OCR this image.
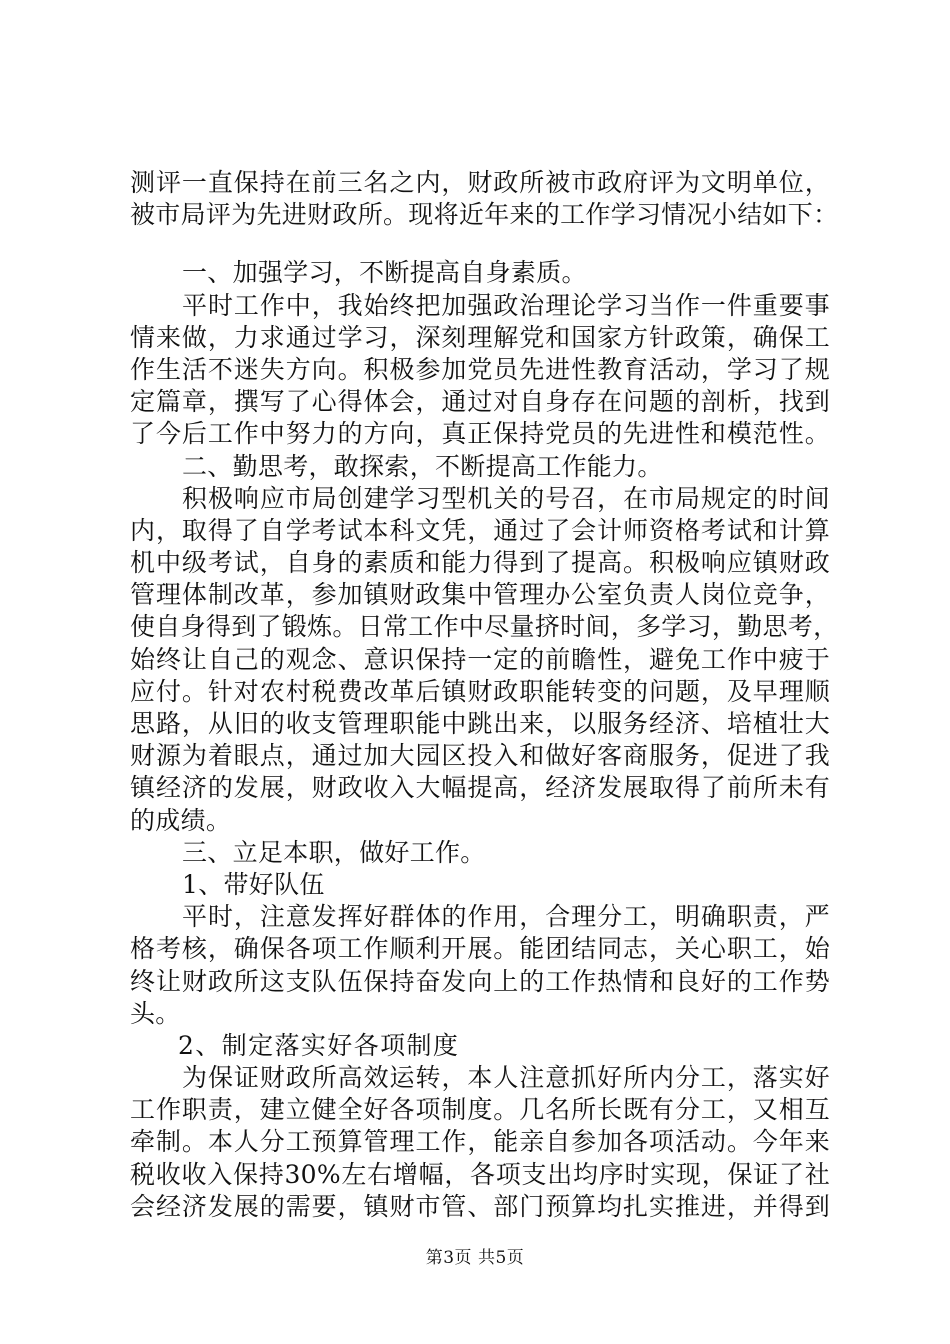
测评一直保持在前三名之内，财政所被市政府评为文明单位，
被市局评为先进财政所。现将近年来的工作学习情况小结如下：
一、加强学习，不断提高自身素质。
平时工作中，我始终把加强政治理论学习当作一件重要事
情来做，力求通过学习，深刻理解党和国家方针政策，确保工
作生活不迷失方向。积极参加党员先进性教育活动，学习了规
定篇章，撰写了心得体会，通过对自身存在问题的剖析，找到
了今后工作中努力的方向，真正保持党员的先进性和模范性。
二、勤思考，敢探索，不断提高工作能力。
积极响应市局创建学习型机关的号召，在市局规定的时间
内，取得了自学考试本科文凭，通过了会计师资格考试和计算
机中级考试，自身的素质和能力得到了提高。积极响应镇财政
管理体制改革，参加镇财政集中管理办公室负责人岗位竞争，
使自身得到了锻炼。日常工作中尽量挤时间，多学习，勤思考，
始终让自己的观念、意识保持一定的前瞻性，避免工作中疲于
应付。针对农村税费改革后镇财政职能转变的问题，及早理顺
思路，从旧的收支管理职能中跳出来，以服务经济、培植壮大
财源为着眼点，通过加大园区投入和做好客商服务，促进了我
镇经济的发展，财政收入大幅提高，经济发展取得了前所未有
的成绩。
三、立足本职，做好工作。
1、带好队伍
平时，注意发挥好群体的作用，合理分工，明确职责，严
格考核，确保各项工作顺利开展。能团结同志，关心职工，始
终让财政所这支队伍保持奋发向上的工作热情和良好的工作势
头。
2、制定落实好各项制度
为保证财政所高效运转，本人注意抓好所内分工，落实好
工作职责，建立健全好各项制度。几名所长既有分工，又相互
牵制。本人分工预算管理工作，能亲自参加各项活动。今年来
税收收入保持30%左右增幅，各项支出均序时实现，保证了社
会经济发展的需要，镇财市管、部门预算均扎实推进，并得到
第3页 共5页
